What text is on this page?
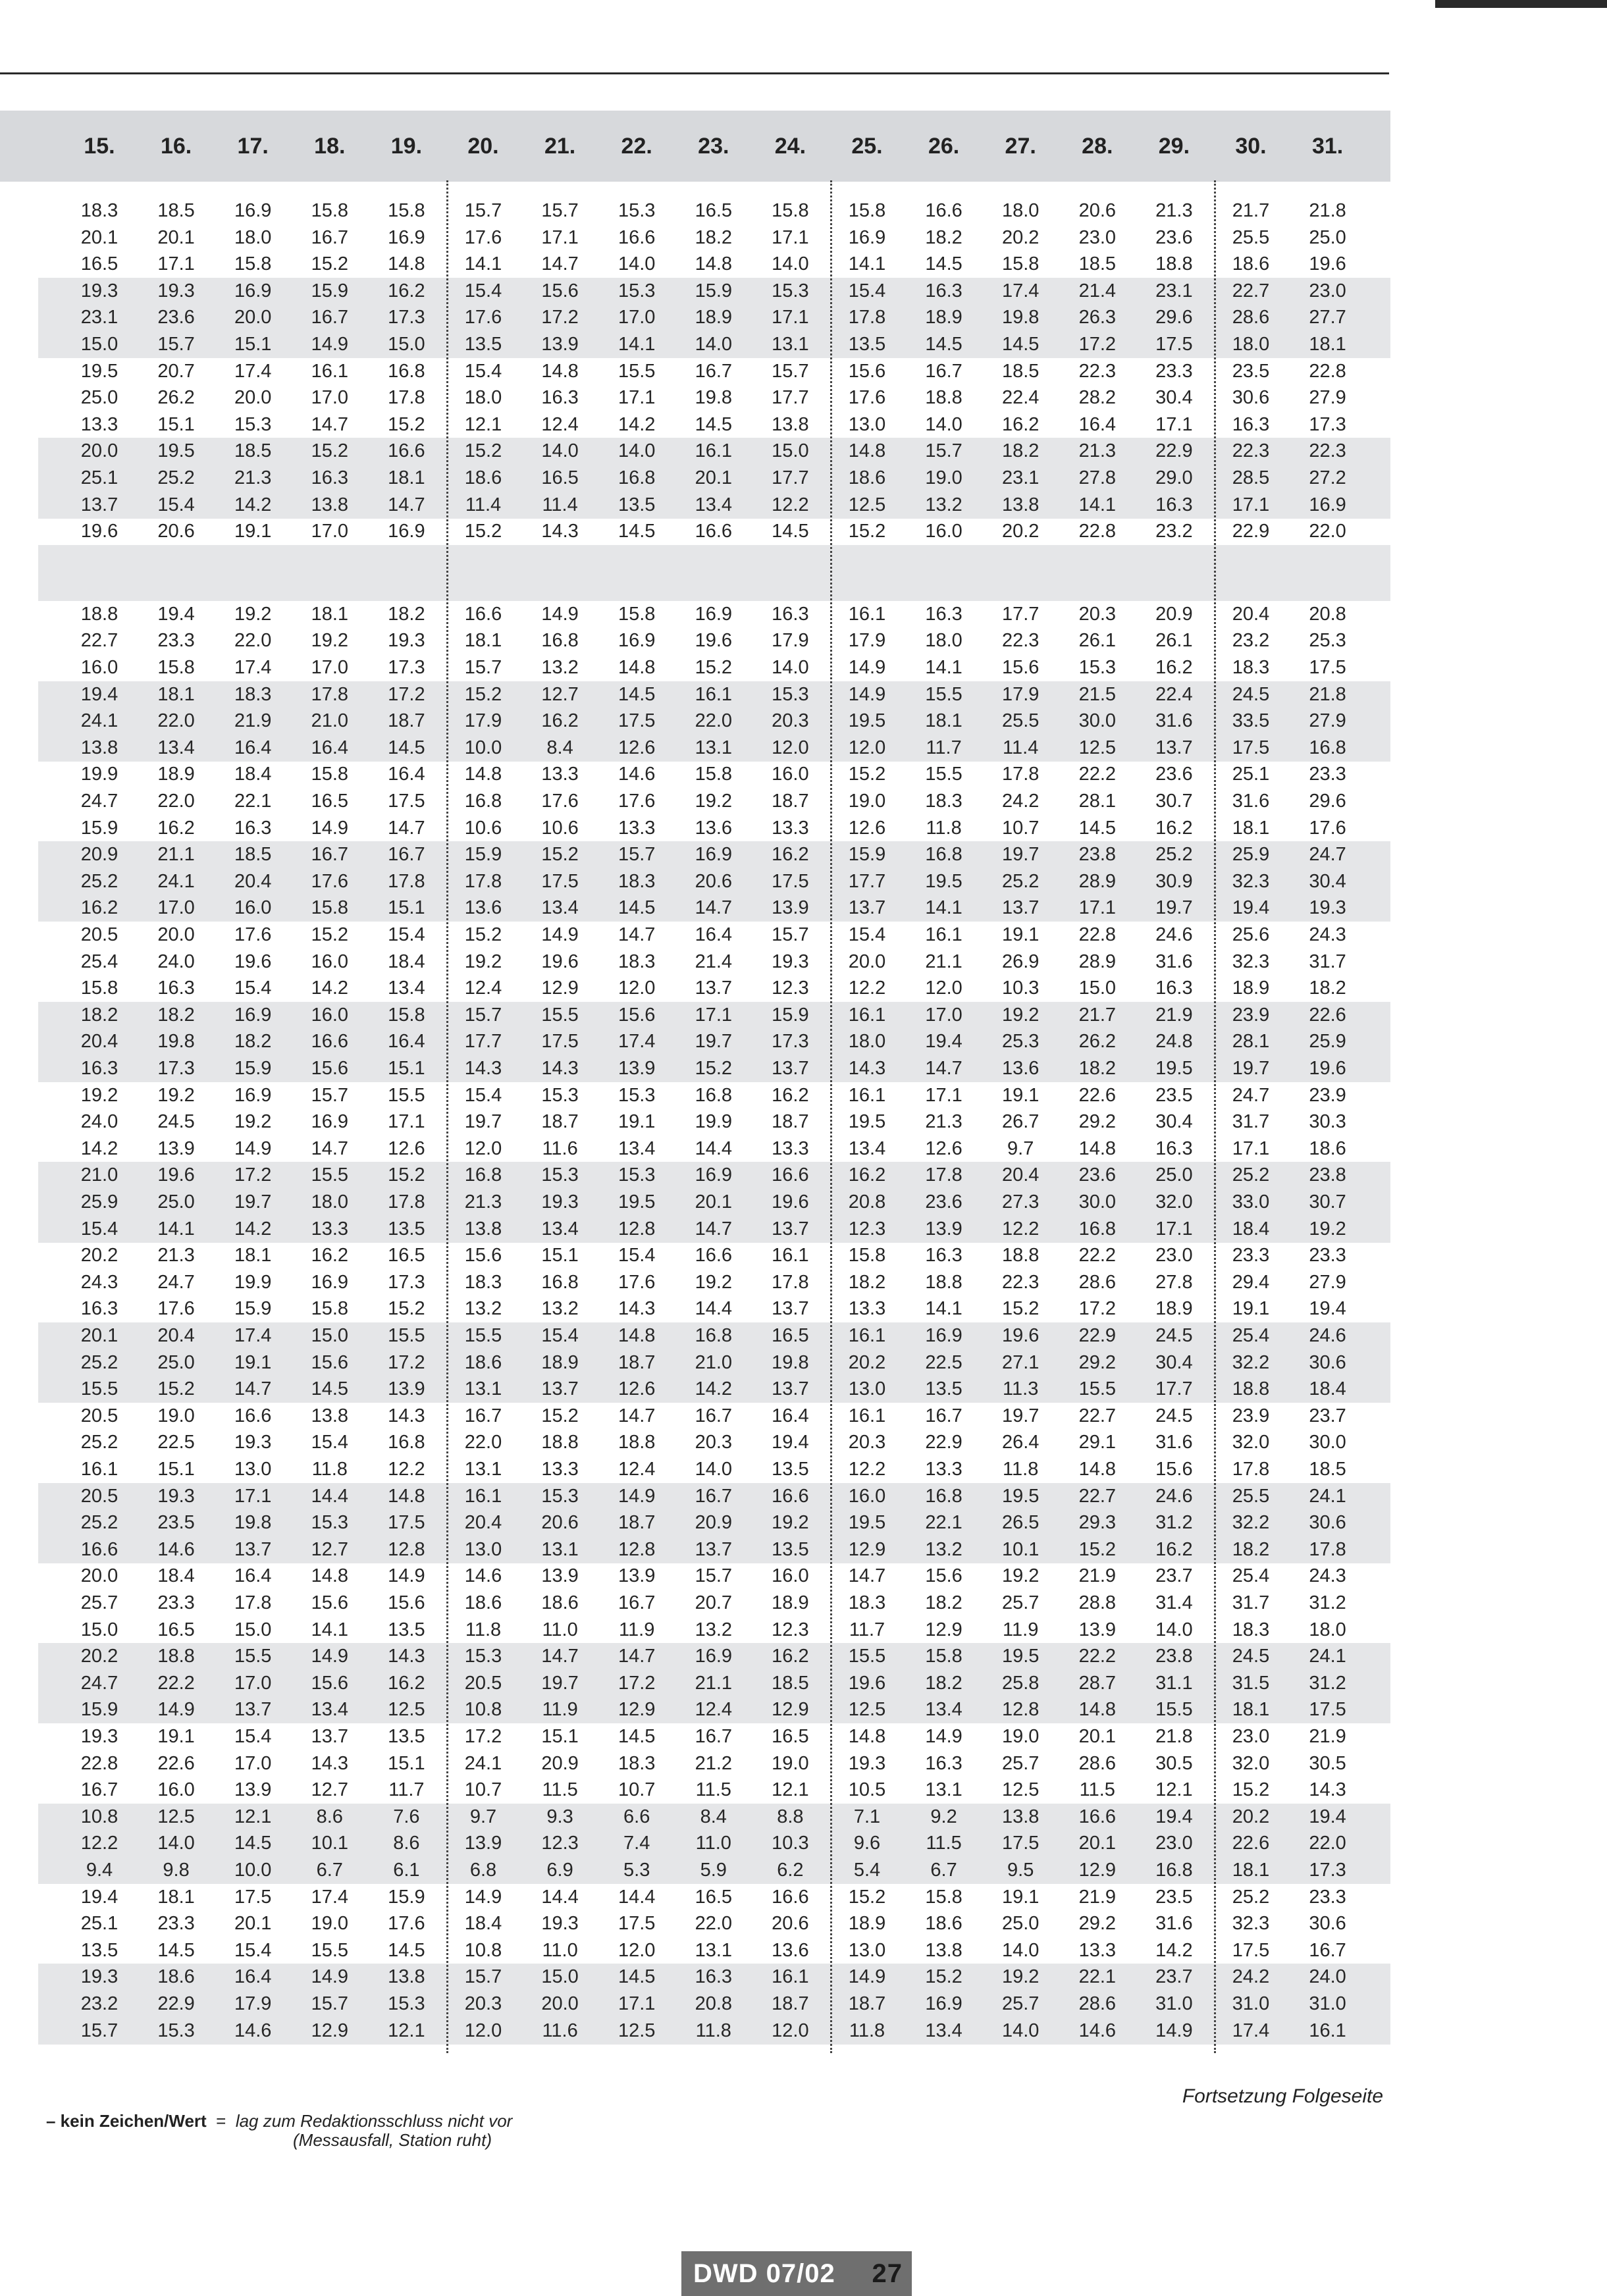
15.	16.	17.	18.	19.	20.	21.	22.	23.	24.	25.	26.	27.	28.	29.	30.	31.
18.3	18.5	16.9	15.8	15.8	15.7	15.7	15.3	16.5	15.8	15.8	16.6	18.0	20.6	21.3	21.7	21.8
20.1	20.1	18.0	16.7	16.9	17.6	17.1	16.6	18.2	17.1	16.9	18.2	20.2	23.0	23.6	25.5	25.0
16.5	17.1	15.8	15.2	14.8	14.1	14.7	14.0	14.8	14.0	14.1	14.5	15.8	18.5	18.8	18.6	19.6
19.3	19.3	16.9	15.9	16.2	15.4	15.6	15.3	15.9	15.3	15.4	16.3	17.4	21.4	23.1	22.7	23.0
23.1	23.6	20.0	16.7	17.3	17.6	17.2	17.0	18.9	17.1	17.8	18.9	19.8	26.3	29.6	28.6	27.7
15.0	15.7	15.1	14.9	15.0	13.5	13.9	14.1	14.0	13.1	13.5	14.5	14.5	17.2	17.5	18.0	18.1
19.5	20.7	17.4	16.1	16.8	15.4	14.8	15.5	16.7	15.7	15.6	16.7	18.5	22.3	23.3	23.5	22.8
25.0	26.2	20.0	17.0	17.8	18.0	16.3	17.1	19.8	17.7	17.6	18.8	22.4	28.2	30.4	30.6	27.9
13.3	15.1	15.3	14.7	15.2	12.1	12.4	14.2	14.5	13.8	13.0	14.0	16.2	16.4	17.1	16.3	17.3
20.0	19.5	18.5	15.2	16.6	15.2	14.0	14.0	16.1	15.0	14.8	15.7	18.2	21.3	22.9	22.3	22.3
25.1	25.2	21.3	16.3	18.1	18.6	16.5	16.8	20.1	17.7	18.6	19.0	23.1	27.8	29.0	28.5	27.2
13.7	15.4	14.2	13.8	14.7	11.4	11.4	13.5	13.4	12.2	12.5	13.2	13.8	14.1	16.3	17.1	16.9
19.6	20.6	19.1	17.0	16.9	15.2	14.3	14.5	16.6	14.5	15.2	16.0	20.2	22.8	23.2	22.9	22.0
18.8	19.4	19.2	18.1	18.2	16.6	14.9	15.8	16.9	16.3	16.1	16.3	17.7	20.3	20.9	20.4	20.8
22.7	23.3	22.0	19.2	19.3	18.1	16.8	16.9	19.6	17.9	17.9	18.0	22.3	26.1	26.1	23.2	25.3
16.0	15.8	17.4	17.0	17.3	15.7	13.2	14.8	15.2	14.0	14.9	14.1	15.6	15.3	16.2	18.3	17.5
19.4	18.1	18.3	17.8	17.2	15.2	12.7	14.5	16.1	15.3	14.9	15.5	17.9	21.5	22.4	24.5	21.8
24.1	22.0	21.9	21.0	18.7	17.9	16.2	17.5	22.0	20.3	19.5	18.1	25.5	30.0	31.6	33.5	27.9
13.8	13.4	16.4	16.4	14.5	10.0	8.4	12.6	13.1	12.0	12.0	11.7	11.4	12.5	13.7	17.5	16.8
19.9	18.9	18.4	15.8	16.4	14.8	13.3	14.6	15.8	16.0	15.2	15.5	17.8	22.2	23.6	25.1	23.3
24.7	22.0	22.1	16.5	17.5	16.8	17.6	17.6	19.2	18.7	19.0	18.3	24.2	28.1	30.7	31.6	29.6
15.9	16.2	16.3	14.9	14.7	10.6	10.6	13.3	13.6	13.3	12.6	11.8	10.7	14.5	16.2	18.1	17.6
20.9	21.1	18.5	16.7	16.7	15.9	15.2	15.7	16.9	16.2	15.9	16.8	19.7	23.8	25.2	25.9	24.7
25.2	24.1	20.4	17.6	17.8	17.8	17.5	18.3	20.6	17.5	17.7	19.5	25.2	28.9	30.9	32.3	30.4
16.2	17.0	16.0	15.8	15.1	13.6	13.4	14.5	14.7	13.9	13.7	14.1	13.7	17.1	19.7	19.4	19.3
20.5	20.0	17.6	15.2	15.4	15.2	14.9	14.7	16.4	15.7	15.4	16.1	19.1	22.8	24.6	25.6	24.3
25.4	24.0	19.6	16.0	18.4	19.2	19.6	18.3	21.4	19.3	20.0	21.1	26.9	28.9	31.6	32.3	31.7
15.8	16.3	15.4	14.2	13.4	12.4	12.9	12.0	13.7	12.3	12.2	12.0	10.3	15.0	16.3	18.9	18.2
18.2	18.2	16.9	16.0	15.8	15.7	15.5	15.6	17.1	15.9	16.1	17.0	19.2	21.7	21.9	23.9	22.6
20.4	19.8	18.2	16.6	16.4	17.7	17.5	17.4	19.7	17.3	18.0	19.4	25.3	26.2	24.8	28.1	25.9
16.3	17.3	15.9	15.6	15.1	14.3	14.3	13.9	15.2	13.7	14.3	14.7	13.6	18.2	19.5	19.7	19.6
19.2	19.2	16.9	15.7	15.5	15.4	15.3	15.3	16.8	16.2	16.1	17.1	19.1	22.6	23.5	24.7	23.9
24.0	24.5	19.2	16.9	17.1	19.7	18.7	19.1	19.9	18.7	19.5	21.3	26.7	29.2	30.4	31.7	30.3
14.2	13.9	14.9	14.7	12.6	12.0	11.6	13.4	14.4	13.3	13.4	12.6	9.7	14.8	16.3	17.1	18.6
21.0	19.6	17.2	15.5	15.2	16.8	15.3	15.3	16.9	16.6	16.2	17.8	20.4	23.6	25.0	25.2	23.8
25.9	25.0	19.7	18.0	17.8	21.3	19.3	19.5	20.1	19.6	20.8	23.6	27.3	30.0	32.0	33.0	30.7
15.4	14.1	14.2	13.3	13.5	13.8	13.4	12.8	14.7	13.7	12.3	13.9	12.2	16.8	17.1	18.4	19.2
20.2	21.3	18.1	16.2	16.5	15.6	15.1	15.4	16.6	16.1	15.8	16.3	18.8	22.2	23.0	23.3	23.3
24.3	24.7	19.9	16.9	17.3	18.3	16.8	17.6	19.2	17.8	18.2	18.8	22.3	28.6	27.8	29.4	27.9
16.3	17.6	15.9	15.8	15.2	13.2	13.2	14.3	14.4	13.7	13.3	14.1	15.2	17.2	18.9	19.1	19.4
20.1	20.4	17.4	15.0	15.5	15.5	15.4	14.8	16.8	16.5	16.1	16.9	19.6	22.9	24.5	25.4	24.6
25.2	25.0	19.1	15.6	17.2	18.6	18.9	18.7	21.0	19.8	20.2	22.5	27.1	29.2	30.4	32.2	30.6
15.5	15.2	14.7	14.5	13.9	13.1	13.7	12.6	14.2	13.7	13.0	13.5	11.3	15.5	17.7	18.8	18.4
20.5	19.0	16.6	13.8	14.3	16.7	15.2	14.7	16.7	16.4	16.1	16.7	19.7	22.7	24.5	23.9	23.7
25.2	22.5	19.3	15.4	16.8	22.0	18.8	18.8	20.3	19.4	20.3	22.9	26.4	29.1	31.6	32.0	30.0
16.1	15.1	13.0	11.8	12.2	13.1	13.3	12.4	14.0	13.5	12.2	13.3	11.8	14.8	15.6	17.8	18.5
20.5	19.3	17.1	14.4	14.8	16.1	15.3	14.9	16.7	16.6	16.0	16.8	19.5	22.7	24.6	25.5	24.1
25.2	23.5	19.8	15.3	17.5	20.4	20.6	18.7	20.9	19.2	19.5	22.1	26.5	29.3	31.2	32.2	30.6
16.6	14.6	13.7	12.7	12.8	13.0	13.1	12.8	13.7	13.5	12.9	13.2	10.1	15.2	16.2	18.2	17.8
20.0	18.4	16.4	14.8	14.9	14.6	13.9	13.9	15.7	16.0	14.7	15.6	19.2	21.9	23.7	25.4	24.3
25.7	23.3	17.8	15.6	15.6	18.6	18.6	16.7	20.7	18.9	18.3	18.2	25.7	28.8	31.4	31.7	31.2
15.0	16.5	15.0	14.1	13.5	11.8	11.0	11.9	13.2	12.3	11.7	12.9	11.9	13.9	14.0	18.3	18.0
20.2	18.8	15.5	14.9	14.3	15.3	14.7	14.7	16.9	16.2	15.5	15.8	19.5	22.2	23.8	24.5	24.1
24.7	22.2	17.0	15.6	16.2	20.5	19.7	17.2	21.1	18.5	19.6	18.2	25.8	28.7	31.1	31.5	31.2
15.9	14.9	13.7	13.4	12.5	10.8	11.9	12.9	12.4	12.9	12.5	13.4	12.8	14.8	15.5	18.1	17.5
19.3	19.1	15.4	13.7	13.5	17.2	15.1	14.5	16.7	16.5	14.8	14.9	19.0	20.1	21.8	23.0	21.9
22.8	22.6	17.0	14.3	15.1	24.1	20.9	18.3	21.2	19.0	19.3	16.3	25.7	28.6	30.5	32.0	30.5
16.7	16.0	13.9	12.7	11.7	10.7	11.5	10.7	11.5	12.1	10.5	13.1	12.5	11.5	12.1	15.2	14.3
10.8	12.5	12.1	8.6	7.6	9.7	9.3	6.6	8.4	8.8	7.1	9.2	13.8	16.6	19.4	20.2	19.4
12.2	14.0	14.5	10.1	8.6	13.9	12.3	7.4	11.0	10.3	9.6	11.5	17.5	20.1	23.0	22.6	22.0
9.4	9.8	10.0	6.7	6.1	6.8	6.9	5.3	5.9	6.2	5.4	6.7	9.5	12.9	16.8	18.1	17.3
19.4	18.1	17.5	17.4	15.9	14.9	14.4	14.4	16.5	16.6	15.2	15.8	19.1	21.9	23.5	25.2	23.3
25.1	23.3	20.1	19.0	17.6	18.4	19.3	17.5	22.0	20.6	18.9	18.6	25.0	29.2	31.6	32.3	30.6
13.5	14.5	15.4	15.5	14.5	10.8	11.0	12.0	13.1	13.6	13.0	13.8	14.0	13.3	14.2	17.5	16.7
19.3	18.6	16.4	14.9	13.8	15.7	15.0	14.5	16.3	16.1	14.9	15.2	19.2	22.1	23.7	24.2	24.0
23.2	22.9	17.9	15.7	15.3	20.3	20.0	17.1	20.8	18.7	18.7	16.9	25.7	28.6	31.0	31.0	31.0
15.7	15.3	14.6	12.9	12.1	12.0	11.6	12.5	11.8	12.0	11.8	13.4	14.0	14.6	14.9	17.4	16.1
Fortsetzung Folgeseite
– kein Zeichen/Wert = lag zum Redaktionsschluss nicht vor
(Messausfall, Station ruht)
DWD 07/02 27
